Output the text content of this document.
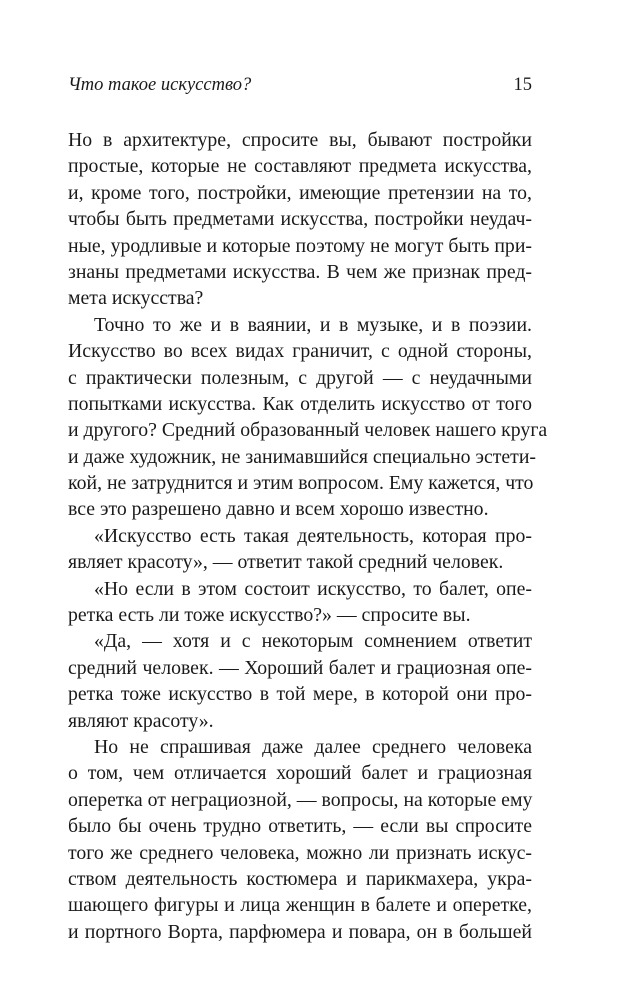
Что такое искусство?	15
Но в архитектуре, спросите вы, бывают постройки
простые, которые не составляют предмета искусства,
и, кроме того, постройки, имеющие претензии на то,
чтобы быть предметами искусства, постройки неудач-
ные, уродливые и которые поэтому не могут быть при-
знаны предметами искусства. В чем же признак пред-
мета искусства?
Точно то же и в ваянии, и в музыке, и в поэзии.
Искусство во всех видах граничит, с одной стороны,
с практически полезным, с другой — с неудачными
попытками искусства. Как отделить искусство от того
и другого? Средний образованный человек нашего круга
и даже художник, не занимавшийся специально эстети-
кой, не затруднится и этим вопросом. Ему кажется, что
все это разрешено давно и всем хорошо известно.
«Искусство есть такая деятельность, которая про-
являет красоту», — ответит такой средний человек.
«Но если в этом состоит искусство, то балет, опе-
ретка есть ли тоже искусство?» — спросите вы.
«Да, — хотя и с некоторым сомнением ответит
средний человек. — Хороший балет и грациозная опе-
ретка тоже искусство в той мере, в которой они про-
являют красоту».
Но не спрашивая даже далее среднего человека
о том, чем отличается хороший балет и грациозная
оперетка от неграциозной, — вопросы, на которые ему
было бы очень трудно ответить, — если вы спросите
того же среднего человека, можно ли признать искус-
ством деятельность костюмера и парикмахера, укра-
шающего фигуры и лица женщин в балете и оперетке,
и портного Ворта, парфюмера и повара, он в большей
